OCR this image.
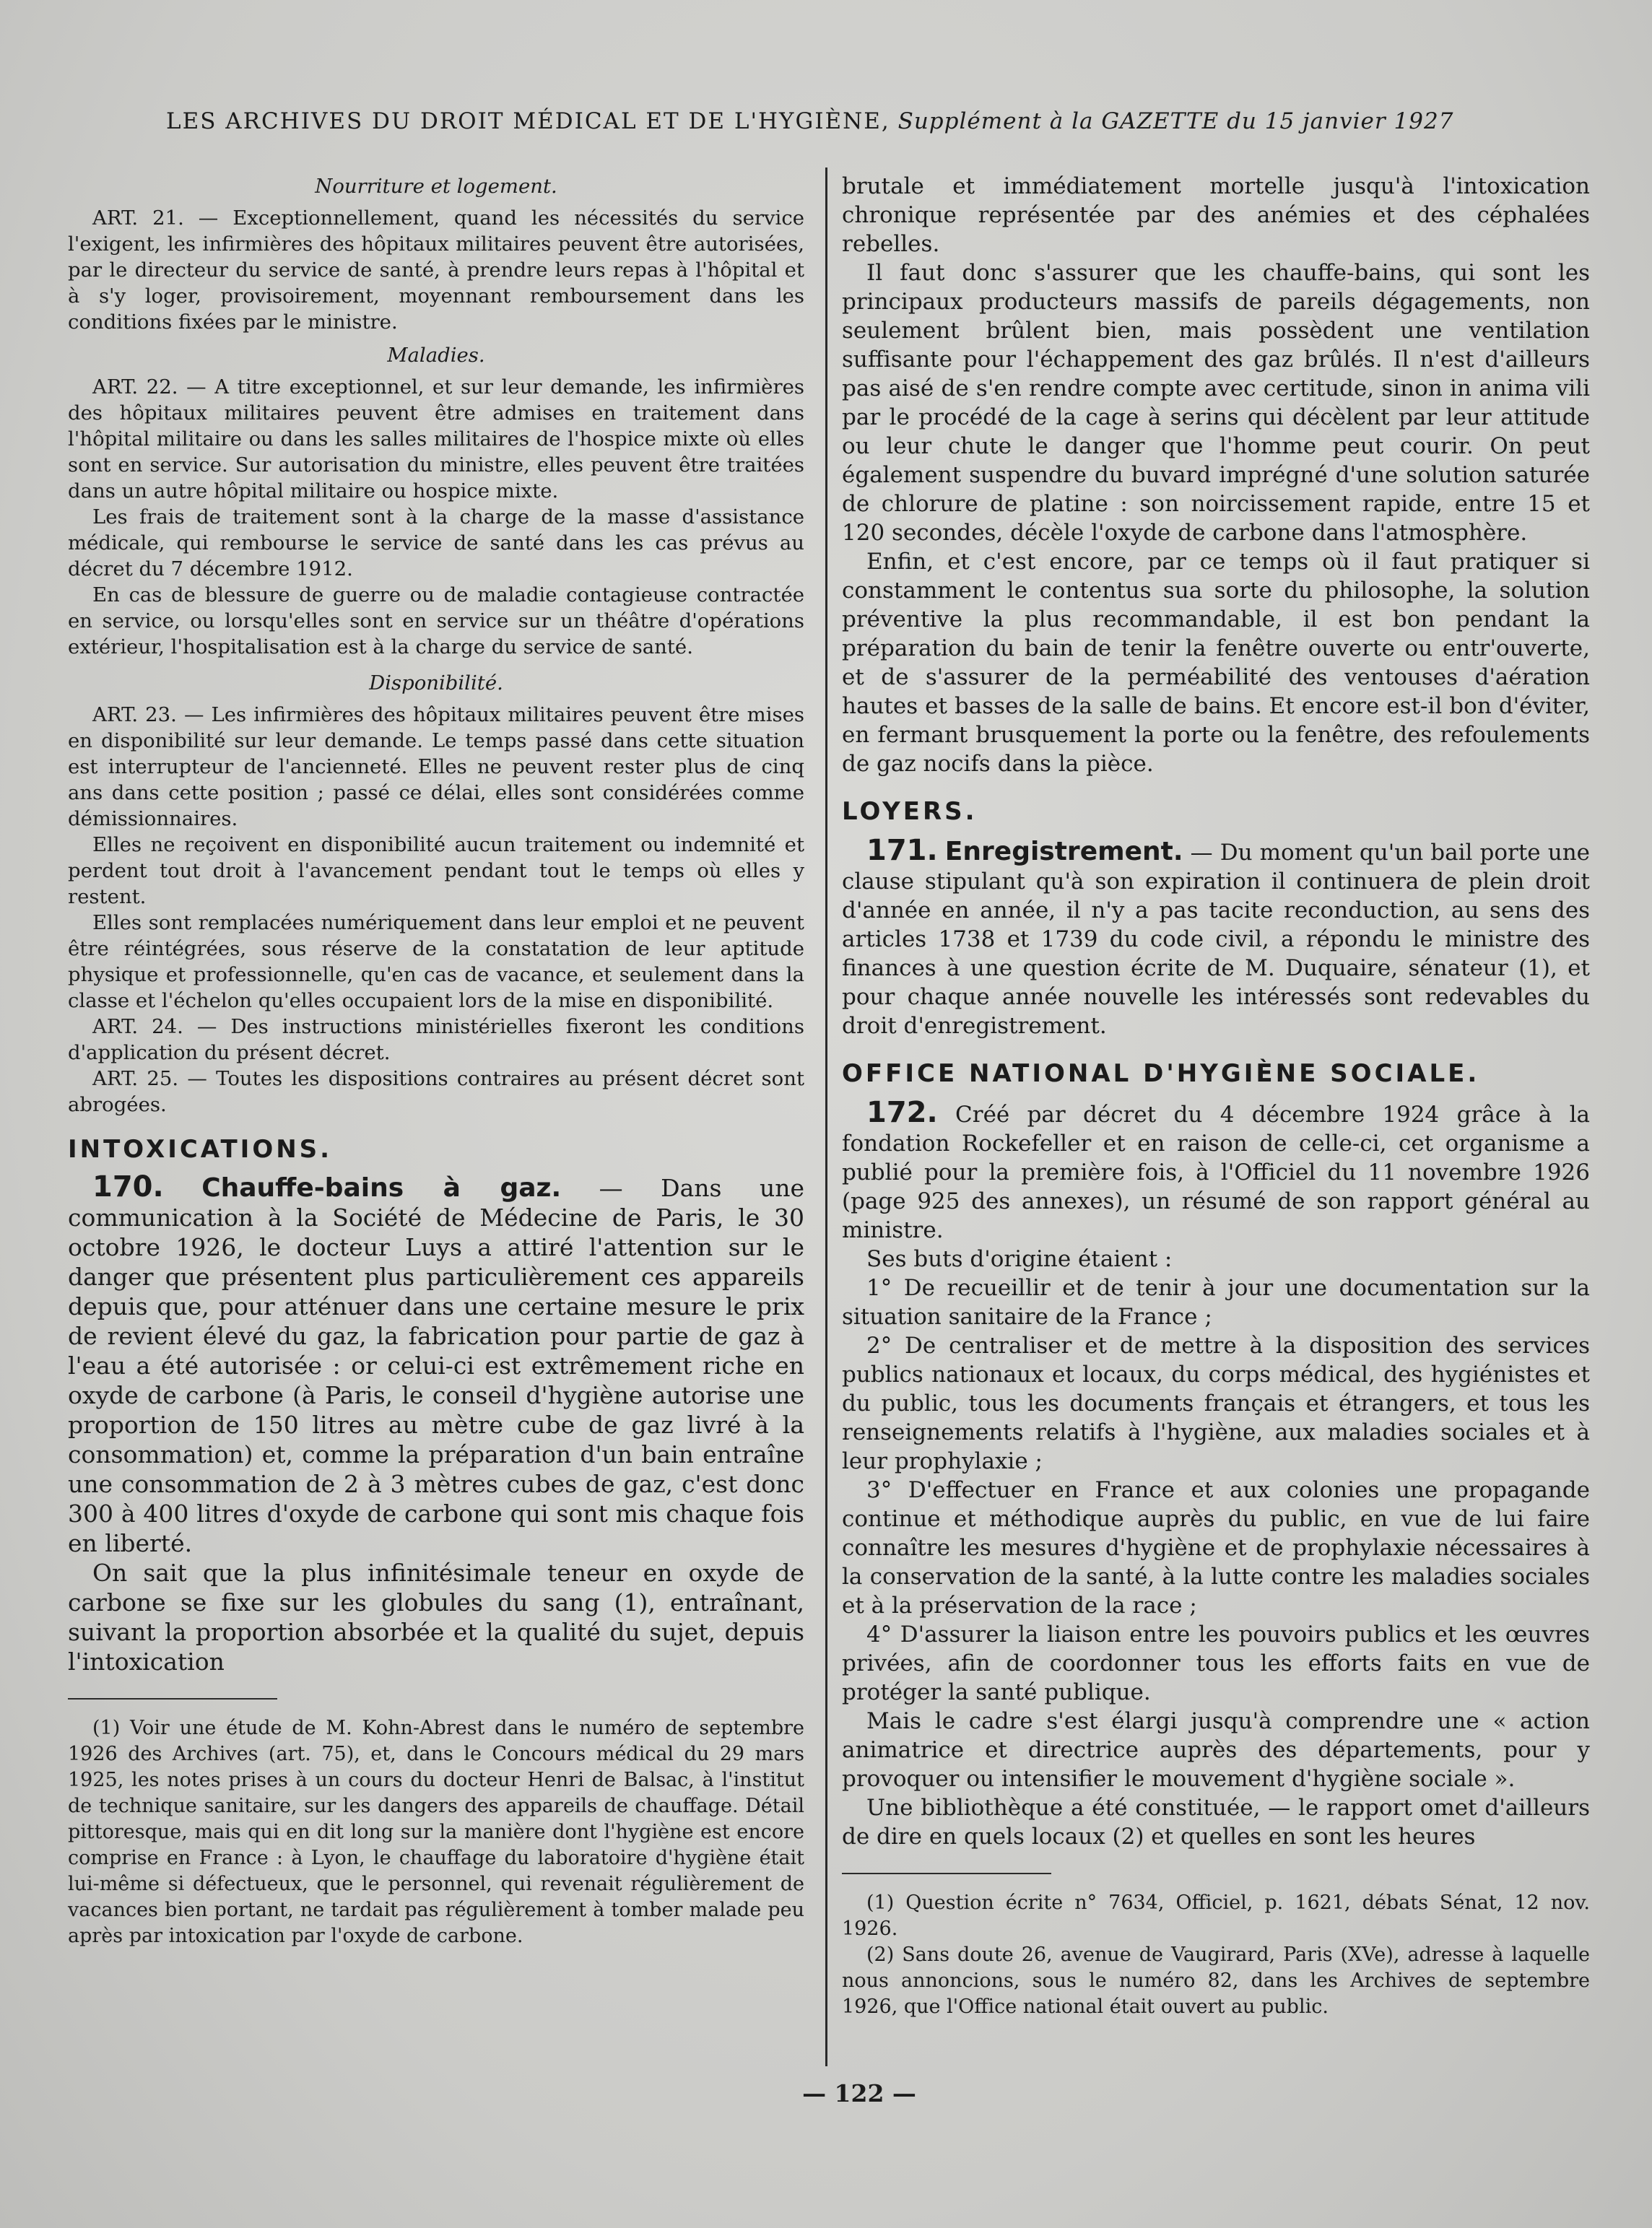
LES ARCHIVES DU DROIT MÉDICAL ET DE L'HYGIÈNE, Supplément à la GAZETTE du 15 janvier 1927
Nourriture et logement.

ART. 21. — Exceptionnellement, quand les nécessités du service l'exigent, les infirmières des hôpitaux militaires peuvent être autorisées, par le directeur du service de santé, à prendre leurs repas à l'hôpital et à s'y loger, provisoirement, moyennant remboursement dans les conditions fixées par le ministre.

Maladies.

ART. 22. — A titre exceptionnel, et sur leur demande, les infirmières des hôpitaux militaires peuvent être admises en traitement dans l'hôpital militaire ou dans les salles militaires de l'hospice mixte où elles sont en service. Sur autorisation du ministre, elles peuvent être traitées dans un autre hôpital militaire ou hospice mixte.

Les frais de traitement sont à la charge de la masse d'assistance médicale, qui rembourse le service de santé dans les cas prévus au décret du 7 décembre 1912.

En cas de blessure de guerre ou de maladie contagieuse contractée en service, ou lorsqu'elles sont en service sur un théâtre d'opérations extérieur, l'hospitalisation est à la charge du service de santé.

Disponibilité.

ART. 23. — Les infirmières des hôpitaux militaires peuvent être mises en disponibilité sur leur demande. Le temps passé dans cette situation est interrupteur de l'ancienneté. Elles ne peuvent rester plus de cinq ans dans cette position ; passé ce délai, elles sont considérées comme démissionnaires.

Elles ne reçoivent en disponibilité aucun traitement ou indemnité et perdent tout droit à l'avancement pendant tout le temps où elles y restent.

Elles sont remplacées numériquement dans leur emploi et ne peuvent être réintégrées, sous réserve de la constatation de leur aptitude physique et professionnelle, qu'en cas de vacance, et seulement dans la classe et l'échelon qu'elles occupaient lors de la mise en disponibilité.

ART. 24. — Des instructions ministérielles fixeront les conditions d'application du présent décret.

ART. 25. — Toutes les dispositions contraires au présent décret sont abrogées.

INTOXICATIONS.

170. Chauffe-bains à gaz. — Dans une communication à la Société de Médecine de Paris, le 30 octobre 1926, le docteur Luys a attiré l'attention sur le danger que présentent plus particulièrement ces appareils depuis que, pour atténuer dans une certaine mesure le prix de revient élevé du gaz, la fabrication pour partie de gaz à l'eau a été autorisée : or celui-ci est extrêmement riche en oxyde de carbone (à Paris, le conseil d'hygiène autorise une proportion de 150 litres au mètre cube de gaz livré à la consommation) et, comme la préparation d'un bain entraîne une consommation de 2 à 3 mètres cubes de gaz, c'est donc 300 à 400 litres d'oxyde de carbone qui sont mis chaque fois en liberté.

On sait que la plus infinitésimale teneur en oxyde de carbone se fixe sur les globules du sang (1), entraînant, suivant la proportion absorbée et la qualité du sujet, depuis l'intoxication

(1) Voir une étude de M. Kohn-Abrest dans le numéro de septembre 1926 des Archives (art. 75), et, dans le Concours médical du 29 mars 1925, les notes prises à un cours du docteur Henri de Balsac, à l'institut de technique sanitaire, sur les dangers des appareils de chauffage. Détail pittoresque, mais qui en dit long sur la manière dont l'hygiène est encore comprise en France : à Lyon, le chauffage du laboratoire d'hygiène était lui-même si défectueux, que le personnel, qui revenait régulièrement de vacances bien portant, ne tardait pas régulièrement à tomber malade peu après par intoxication par l'oxyde de carbone.

brutale et immédiatement mortelle jusqu'à l'intoxication chronique représentée par des anémies et des céphalées rebelles.

Il faut donc s'assurer que les chauffe-bains, qui sont les principaux producteurs massifs de pareils dégagements, non seulement brûlent bien, mais possèdent une ventilation suffisante pour l'échappement des gaz brûlés. Il n'est d'ailleurs pas aisé de s'en rendre compte avec certitude, sinon in anima vili par le procédé de la cage à serins qui décèlent par leur attitude ou leur chute le danger que l'homme peut courir. On peut également suspendre du buvard imprégné d'une solution saturée de chlorure de platine : son noircissement rapide, entre 15 et 120 secondes, décèle l'oxyde de carbone dans l'atmosphère.

Enfin, et c'est encore, par ce temps où il faut pratiquer si constamment le contentus sua sorte du philosophe, la solution préventive la plus recommandable, il est bon pendant la préparation du bain de tenir la fenêtre ouverte ou entr'ouverte, et de s'assurer de la perméabilité des ventouses d'aération hautes et basses de la salle de bains. Et encore est-il bon d'éviter, en fermant brusquement la porte ou la fenêtre, des refoulements de gaz nocifs dans la pièce.

LOYERS.

171. Enregistrement. — Du moment qu'un bail porte une clause stipulant qu'à son expiration il continuera de plein droit d'année en année, il n'y a pas tacite reconduction, au sens des articles 1738 et 1739 du code civil, a répondu le ministre des finances à une question écrite de M. Duquaire, sénateur (1), et pour chaque année nouvelle les intéressés sont redevables du droit d'enregistrement.

OFFICE NATIONAL D'HYGIÈNE SOCIALE.

172. Créé par décret du 4 décembre 1924 grâce à la fondation Rockefeller et en raison de celle-ci, cet organisme a publié pour la première fois, à l'Officiel du 11 novembre 1926 (page 925 des annexes), un résumé de son rapport général au ministre.

Ses buts d'origine étaient :

1° De recueillir et de tenir à jour une documentation sur la situation sanitaire de la France ;

2° De centraliser et de mettre à la disposition des services publics nationaux et locaux, du corps médical, des hygiénistes et du public, tous les documents français et étrangers, et tous les renseignements relatifs à l'hygiène, aux maladies sociales et à leur prophylaxie ;

3° D'effectuer en France et aux colonies une propagande continue et méthodique auprès du public, en vue de lui faire connaître les mesures d'hygiène et de prophylaxie nécessaires à la conservation de la santé, à la lutte contre les maladies sociales et à la préservation de la race ;

4° D'assurer la liaison entre les pouvoirs publics et les œuvres privées, afin de coordonner tous les efforts faits en vue de protéger la santé publique.

Mais le cadre s'est élargi jusqu'à comprendre une « action animatrice et directrice auprès des départements, pour y provoquer ou intensifier le mouvement d'hygiène sociale ».

Une bibliothèque a été constituée, — le rapport omet d'ailleurs de dire en quels locaux (2) et quelles en sont les heures

(1) Question écrite n° 7634, Officiel, p. 1621, débats Sénat, 12 nov. 1926.

(2) Sans doute 26, avenue de Vaugirard, Paris (XVe), adresse à laquelle nous annoncions, sous le numéro 82, dans les Archives de septembre 1926, que l'Office national était ouvert au public.

— 122 —
